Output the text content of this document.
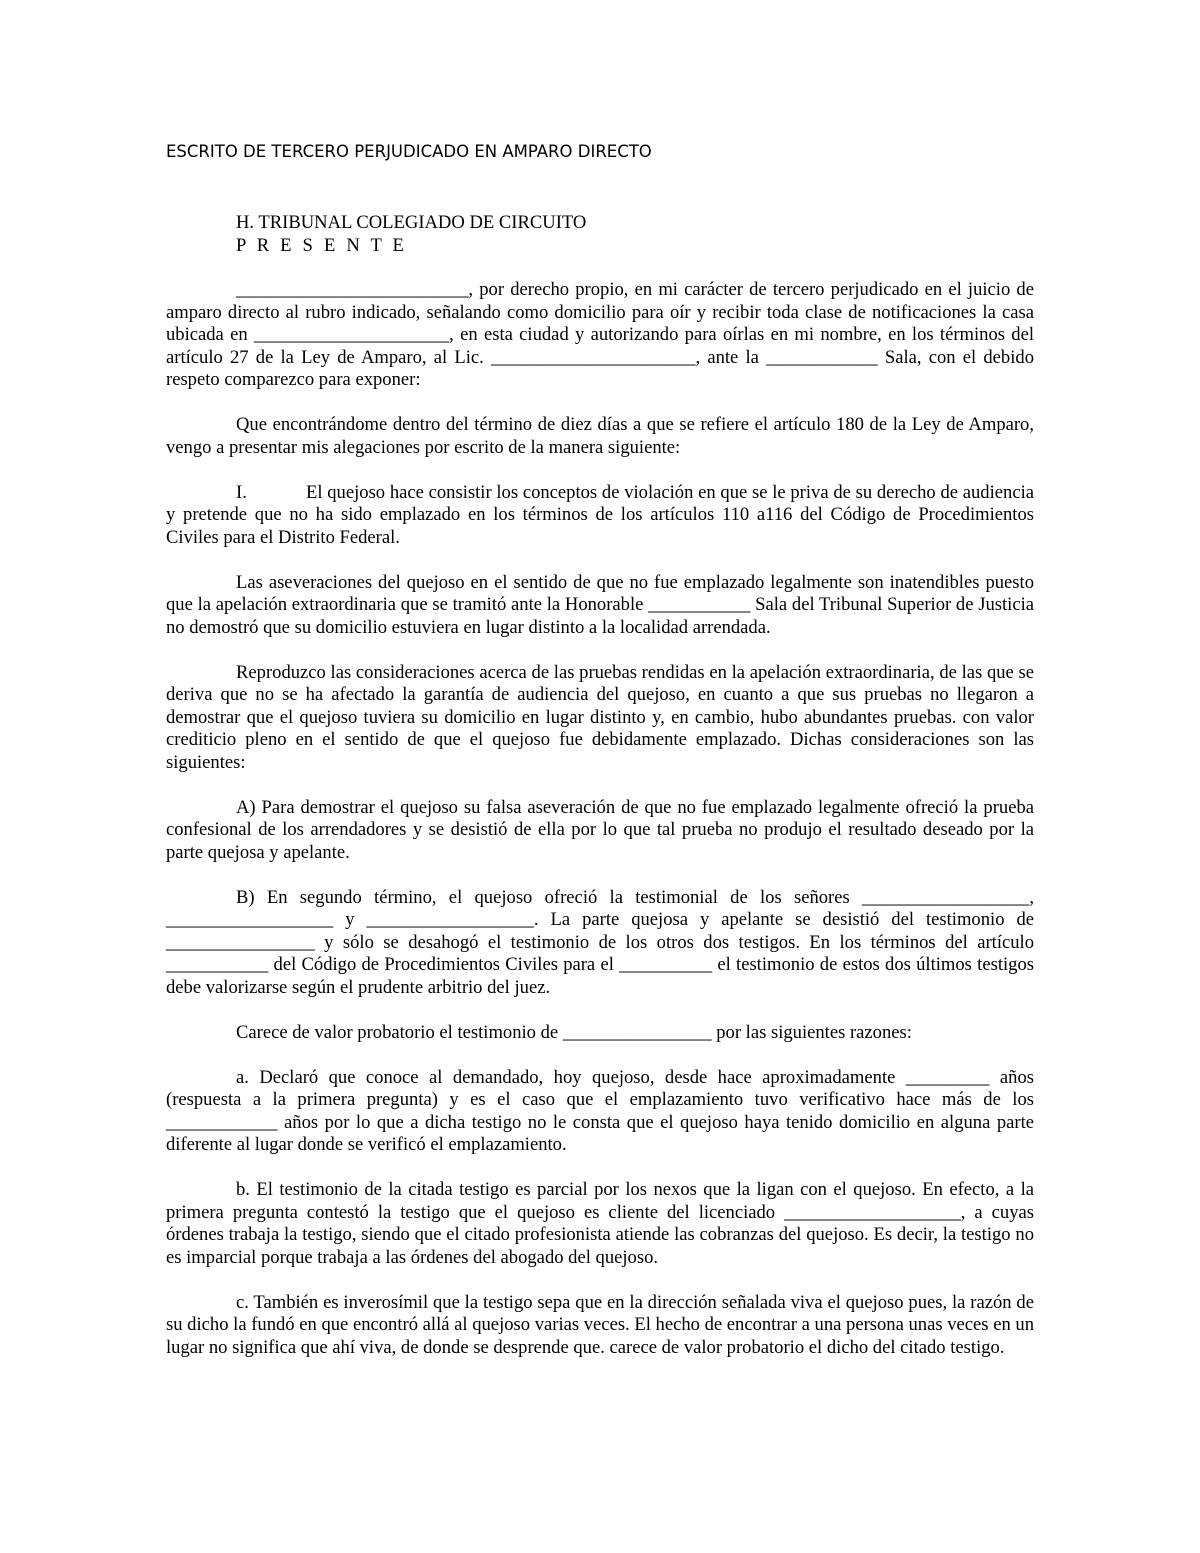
ESCRITO DE TERCERO PERJUDICADO EN AMPARO DIRECTO
H. TRIBUNAL COLEGIADO DE CIRCUITO
P R E S E N T E

_________________________, por derecho propio, en mi carácter de tercero perjudicado en el juicio de amparo directo al rubro indicado, señalando como domicilio para oír y recibir toda clase de notificaciones la casa ubicada en _____________________, en esta ciudad y autorizando para oírlas en mi nombre, en los términos del artículo 27 de la Ley de Amparo, al Lic. ______________________, ante la ____________ Sala, con el debido respeto comparezco para exponer:

Que encontrándome dentro del término de diez días a que se refiere el artículo 180 de la Ley de Amparo, vengo a presentar mis alegaciones por escrito de la manera siguiente:

I.	El quejoso hace consistir los conceptos de violación en que se le priva de su derecho de audiencia y pretende que no ha sido emplazado en los términos de los artículos 110 a116 del Código de Procedimientos Civiles para el Distrito Federal.

Las aseveraciones del quejoso en el sentido de que no fue emplazado legalmente son inatendibles puesto que la apelación extraordinaria que se tramitó ante la Honorable ___________ Sala del Tribunal Superior de Justicia no demostró que su domicilio estuviera en lugar distinto a la localidad arrendada.

Reproduzco las consideraciones acerca de las pruebas rendidas en la apelación extraordinaria, de las que se deriva que no se ha afectado la garantía de audiencia del quejoso, en cuanto a que sus pruebas no llegaron a demostrar que el quejoso tuviera su domicilio en lugar distinto y, en cambio, hubo abundantes pruebas. con valor crediticio pleno en el sentido de que el quejoso fue debidamente emplazado. Dichas consideraciones son las siguientes:

A) Para demostrar el quejoso su falsa aseveración de que no fue emplazado legalmente ofreció la prueba confesional de los arrendadores y se desistió de ella por lo que tal prueba no produjo el resultado deseado por la parte quejosa y apelante.

B) En segundo término, el quejoso ofreció la testimonial de los señores __________________, __________________ y __________________. La parte quejosa y apelante se desistió del testimonio de ________________ y sólo se desahogó el testimonio de los otros dos testigos. En los términos del artículo ___________ del Código de Procedimientos Civiles para el __________ el testimonio de estos dos últimos testigos debe valorizarse según el prudente arbitrio del juez.

Carece de valor probatorio el testimonio de ________________ por las siguientes razones:

a. Declaró que conoce al demandado, hoy quejoso, desde hace aproximadamente _________ años (respuesta a la primera pregunta) y es el caso que el emplazamiento tuvo verificativo hace más de los ____________ años por lo que a dicha testigo no le consta que el quejoso haya tenido domicilio en alguna parte diferente al lugar donde se verificó el emplazamiento.

b. El testimonio de la citada testigo es parcial por los nexos que la ligan con el quejoso. En efecto, a la primera pregunta contestó la testigo que el quejoso es cliente del licenciado ___________________, a cuyas órdenes trabaja la testigo, siendo que el citado profesionista atiende las cobranzas del quejoso. Es decir, la testigo no es imparcial porque trabaja a las órdenes del abogado del quejoso.

c. También es inverosímil que la testigo sepa que en la dirección señalada viva el quejoso pues, la razón de su dicho la fundó en que encontró allá al quejoso varias veces. El hecho de encontrar a una persona unas veces en un lugar no significa que ahí viva, de donde se desprende que. carece de valor probatorio el dicho del citado testigo.
